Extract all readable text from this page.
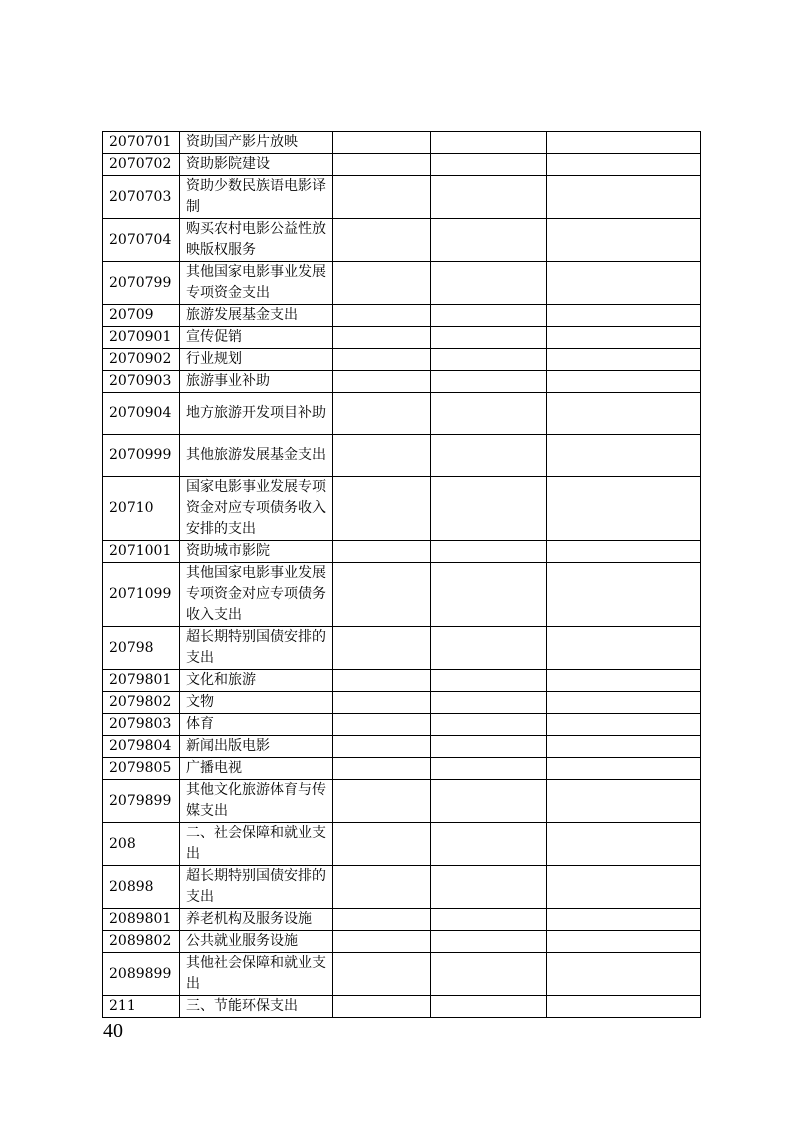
2070701	资助国产影片放映			
2070702	资助影院建设			
2070703	资助少数民族语电影译制			
2070704	购买农村电影公益性放映版权服务			
2070799	其他国家电影事业发展专项资金支出			
20709	旅游发展基金支出			
2070901	宣传促销			
2070902	行业规划			
2070903	旅游事业补助			
2070904	地方旅游开发项目补助			
2070999	其他旅游发展基金支出			
20710	国家电影事业发展专项资金对应专项债务收入安排的支出			
2071001	资助城市影院			
2071099	其他国家电影事业发展专项资金对应专项债务收入支出			
20798	超长期特别国债安排的支出			
2079801	文化和旅游			
2079802	文物			
2079803	体育			
2079804	新闻出版电影			
2079805	广播电视			
2079899	其他文化旅游体育与传媒支出			
208	二、社会保障和就业支出			
20898	超长期特别国债安排的支出			
2089801	养老机构及服务设施			
2089802	公共就业服务设施			
2089899	其他社会保障和就业支出			
211	三、节能环保支出			
40
